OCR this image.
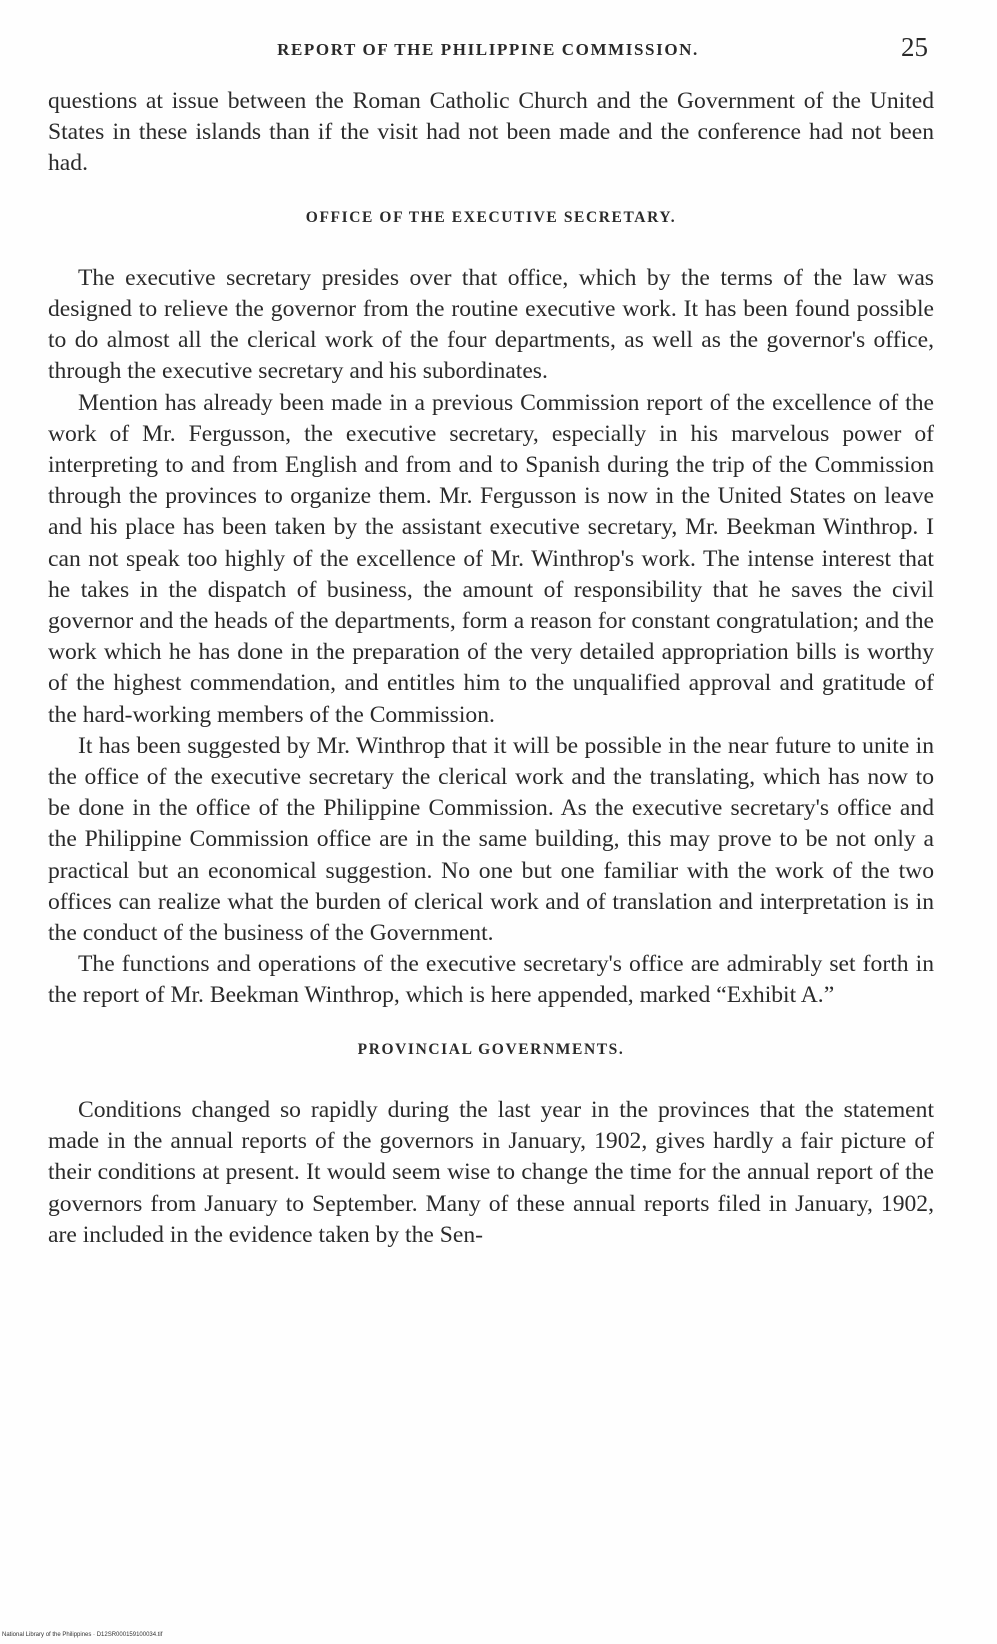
REPORT OF THE PHILIPPINE COMMISSION.	25

questions at issue between the Roman Catholic Church and the Government of the United States in these islands than if the visit had not been made and the conference had not been had.

OFFICE OF THE EXECUTIVE SECRETARY.

The executive secretary presides over that office, which by the terms of the law was designed to relieve the governor from the routine executive work. It has been found possible to do almost all the clerical work of the four departments, as well as the governor's office, through the executive secretary and his subordinates.

Mention has already been made in a previous Commission report of the excellence of the work of Mr. Fergusson, the executive secretary, especially in his marvelous power of interpreting to and from English and from and to Spanish during the trip of the Commission through the provinces to organize them. Mr. Fergusson is now in the United States on leave and his place has been taken by the assistant executive secretary, Mr. Beekman Winthrop. I can not speak too highly of the excellence of Mr. Winthrop's work. The intense interest that he takes in the dispatch of business, the amount of responsibility that he saves the civil governor and the heads of the departments, form a reason for constant congratulation; and the work which he has done in the preparation of the very detailed appropriation bills is worthy of the highest commendation, and entitles him to the unqualified approval and gratitude of the hard-working members of the Commission.

It has been suggested by Mr. Winthrop that it will be possible in the near future to unite in the office of the executive secretary the clerical work and the translating, which has now to be done in the office of the Philippine Commission. As the executive secretary's office and the Philippine Commission office are in the same building, this may prove to be not only a practical but an economical suggestion. No one but one familiar with the work of the two offices can realize what the burden of clerical work and of translation and interpretation is in the conduct of the business of the Government.

The functions and operations of the executive secretary's office are admirably set forth in the report of Mr. Beekman Winthrop, which is here appended, marked “Exhibit A.”

PROVINCIAL GOVERNMENTS.

Conditions changed so rapidly during the last year in the provinces that the statement made in the annual reports of the governors in January, 1902, gives hardly a fair picture of their conditions at present. It would seem wise to change the time for the annual report of the governors from January to September. Many of these annual reports filed in January, 1902, are included in the evidence taken by the Sen-

National Library of the Philippines · D12SR000159100034.tif
